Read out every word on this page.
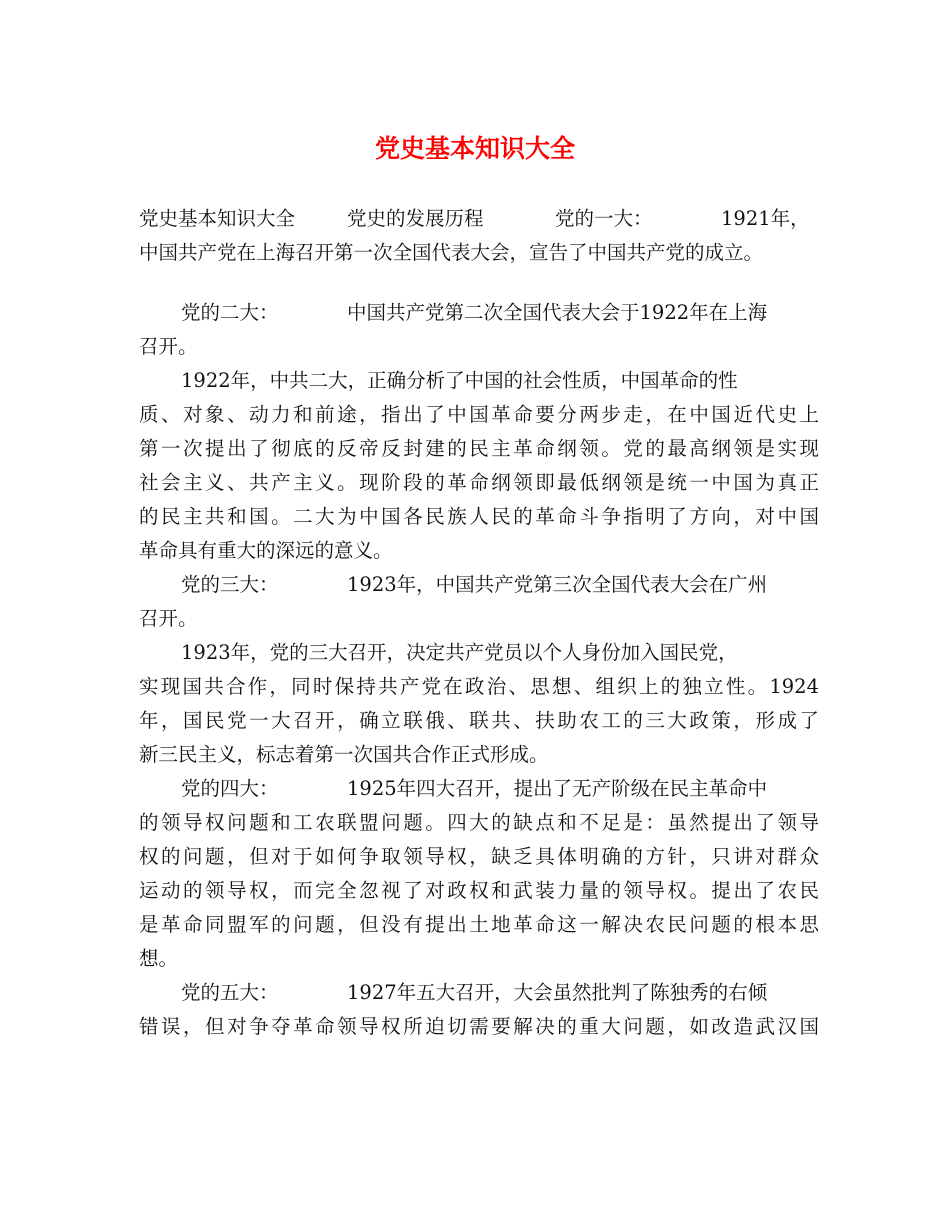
党史基本知识大全
党史基本知识大全	党史的发展历程	党的一大：	1921年，
中国共产党在上海召开第一次全国代表大会，宣告了中国共产党的成立。
党的二大：	中国共产党第二次全国代表大会于1922年在上海
召开。
1922年，中共二大，正确分析了中国的社会性质，中国革命的性
质、对象、动力和前途，指出了中国革命要分两步走，在中国近代史上
第一次提出了彻底的反帝反封建的民主革命纲领。党的最高纲领是实现
社会主义、共产主义。现阶段的革命纲领即最低纲领是统一中国为真正
的民主共和国。二大为中国各民族人民的革命斗争指明了方向，对中国
革命具有重大的深远的意义。
党的三大：	1923年，中国共产党第三次全国代表大会在广州
召开。
1923年，党的三大召开，决定共产党员以个人身份加入国民党，
实现国共合作，同时保持共产党在政治、思想、组织上的独立性。1924
年，国民党一大召开，确立联俄、联共、扶助农工的三大政策，形成了
新三民主义，标志着第一次国共合作正式形成。
党的四大：	1925年四大召开，提出了无产阶级在民主革命中
的领导权问题和工农联盟问题。四大的缺点和不足是：虽然提出了领导
权的问题，但对于如何争取领导权，缺乏具体明确的方针，只讲对群众
运动的领导权，而完全忽视了对政权和武装力量的领导权。提出了农民
是革命同盟军的问题，但没有提出土地革命这一解决农民问题的根本思
想。
党的五大：	1927年五大召开，大会虽然批判了陈独秀的右倾
错误，但对争夺革命领导权所迫切需要解决的重大问题，如改造武汉国
